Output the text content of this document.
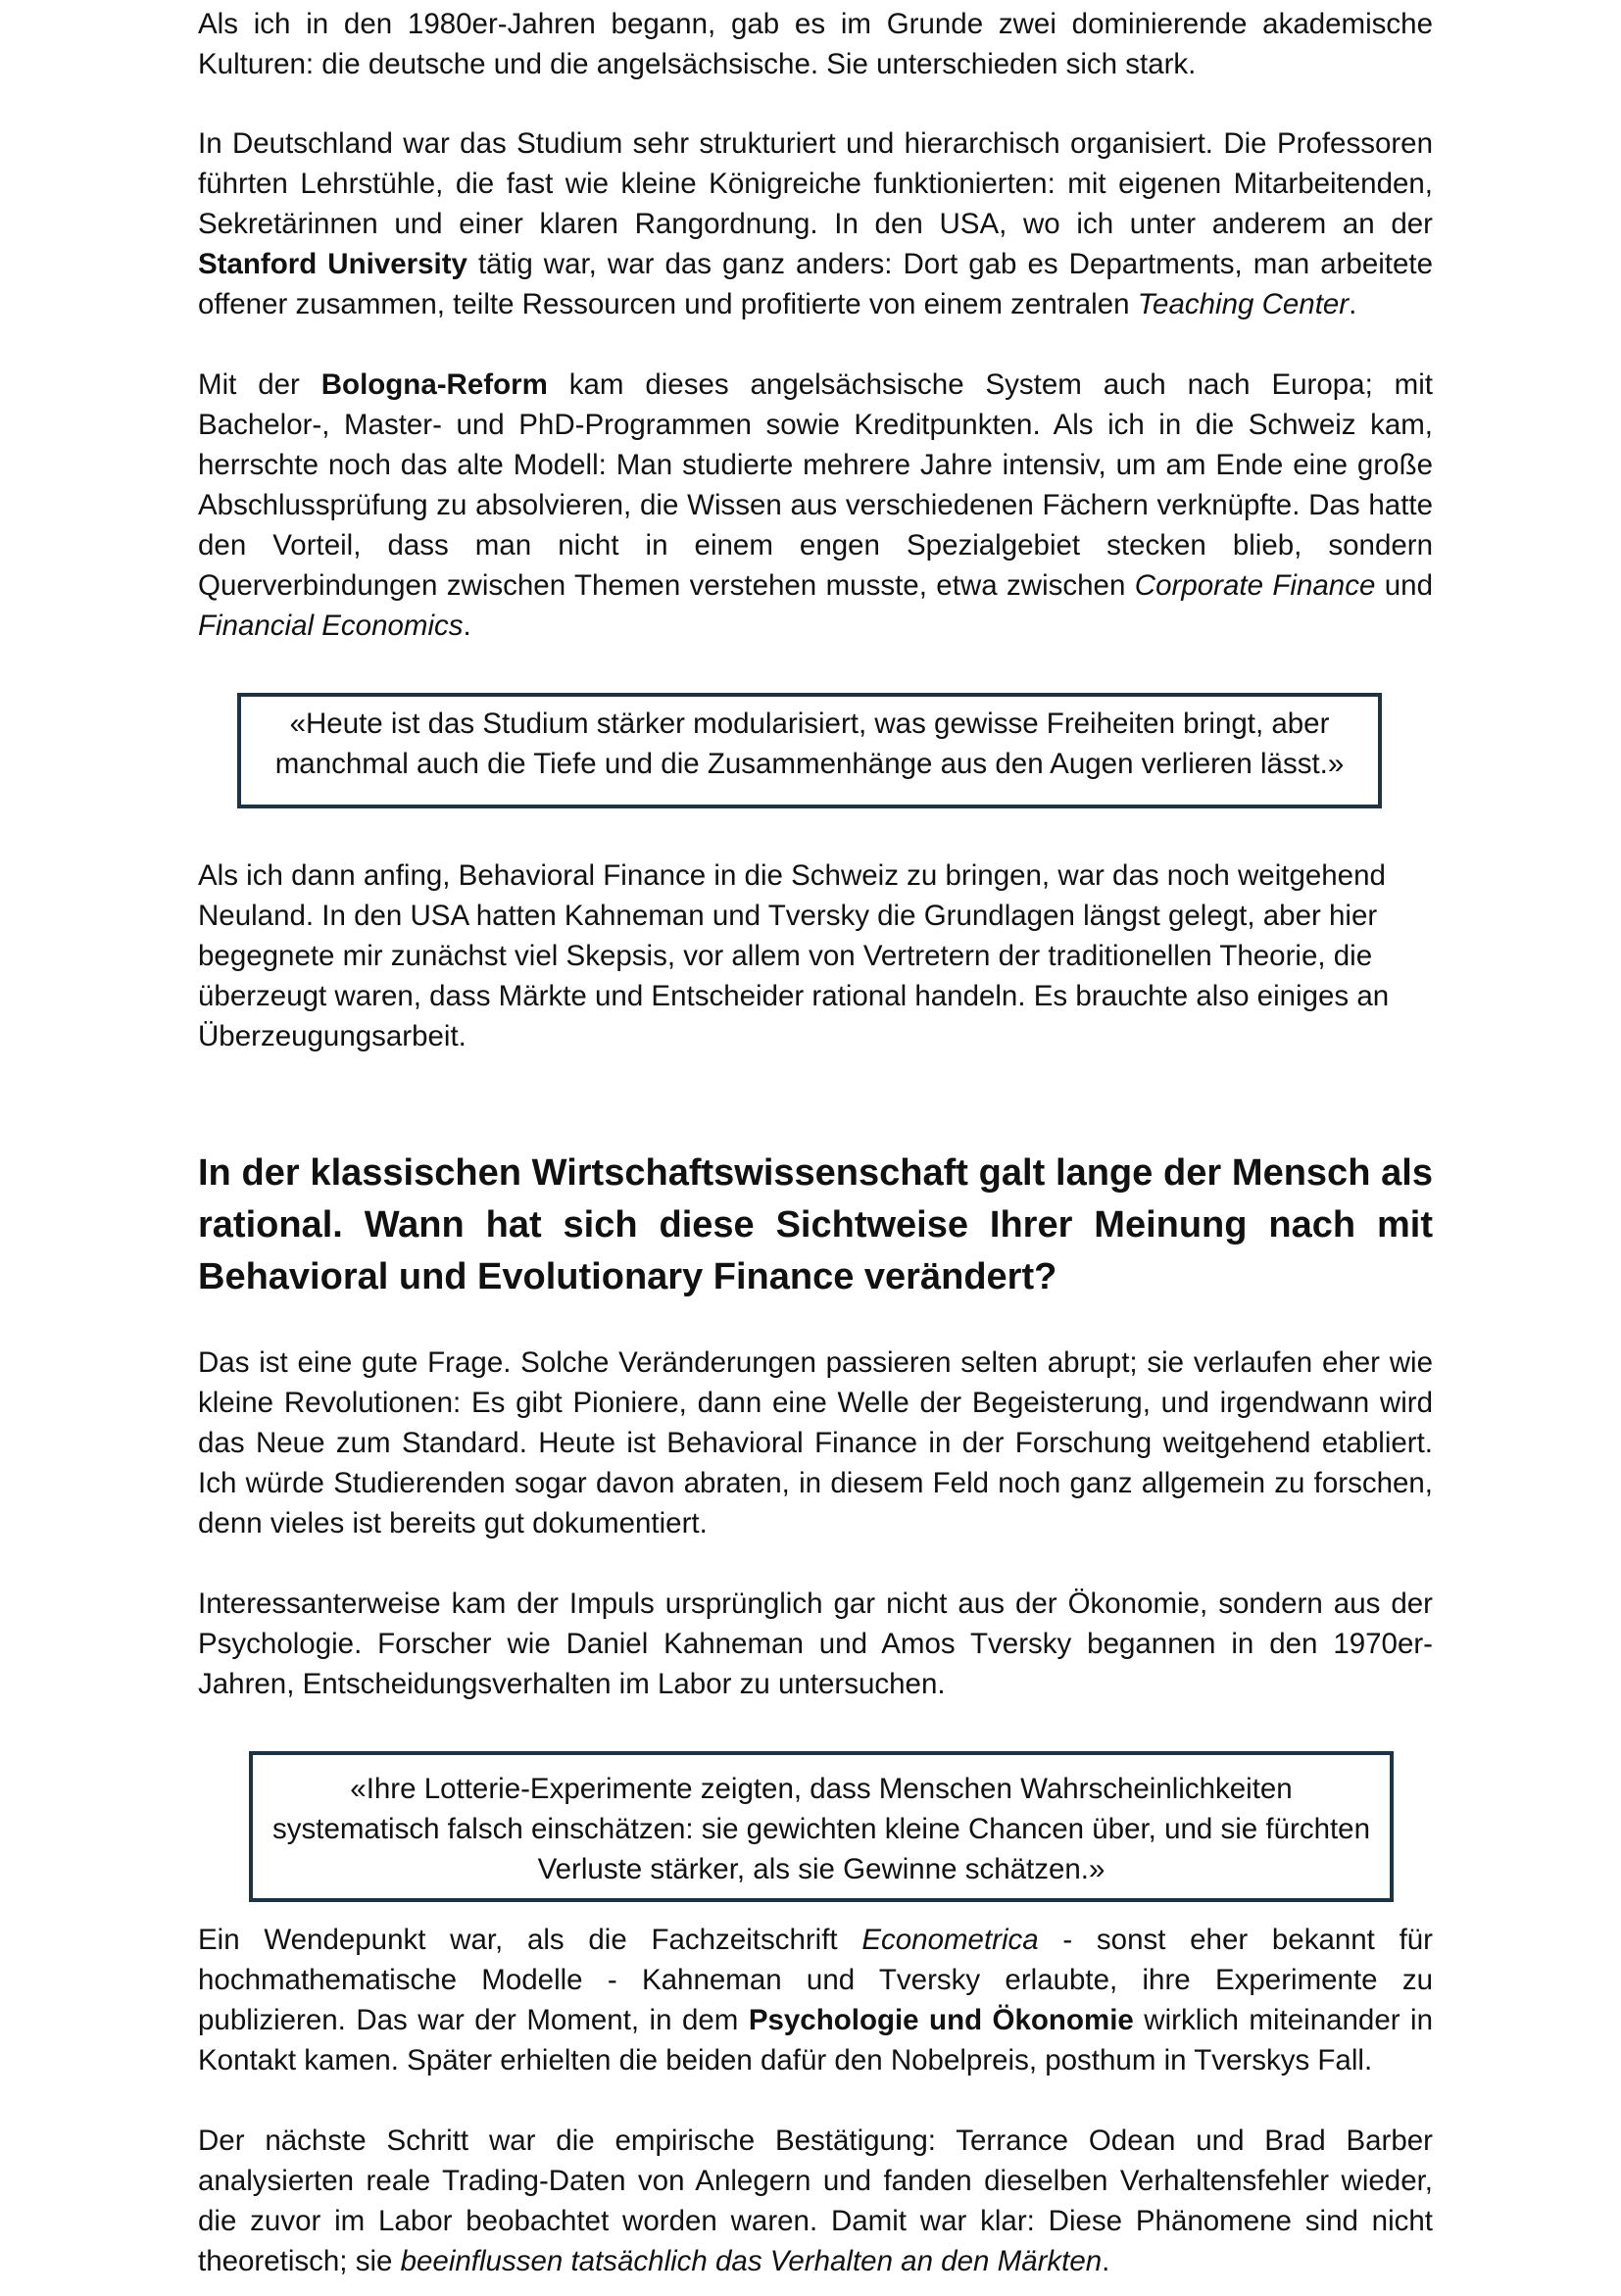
Als ich in den 1980er-Jahren begann, gab es im Grunde zwei dominierende akademische Kulturen: die deutsche und die angelsächsische. Sie unterschieden sich stark.

In Deutschland war das Studium sehr strukturiert und hierarchisch organisiert. Die Professoren führten Lehrstühle, die fast wie kleine Königreiche funktionierten: mit eigenen Mitarbeitenden, Sekretärinnen und einer klaren Rangordnung. In den USA, wo ich unter anderem an der Stanford University tätig war, war das ganz anders: Dort gab es Departments, man arbeitete offener zusammen, teilte Ressourcen und profitierte von einem zentralen Teaching Center.

Mit der Bologna-Reform kam dieses angelsächsische System auch nach Europa; mit Bachelor-, Master- und PhD-Programmen sowie Kreditpunkten. Als ich in die Schweiz kam, herrschte noch das alte Modell: Man studierte mehrere Jahre intensiv, um am Ende eine große Abschlussprüfung zu absolvieren, die Wissen aus verschiedenen Fächern verknüpfte. Das hatte den Vorteil, dass man nicht in einem engen Spezialgebiet stecken blieb, sondern Querverbindungen zwischen Themen verstehen musste, etwa zwischen Corporate Finance und Financial Economics.

«Heute ist das Studium stärker modularisiert, was gewisse Freiheiten bringt, aber manchmal auch die Tiefe und die Zusammenhänge aus den Augen verlieren lässt.»

Als ich dann anfing, Behavioral Finance in die Schweiz zu bringen, war das noch weitgehend Neuland. In den USA hatten Kahneman und Tversky die Grundlagen längst gelegt, aber hier begegnete mir zunächst viel Skepsis, vor allem von Vertretern der traditionellen Theorie, die überzeugt waren, dass Märkte und Entscheider rational handeln. Es brauchte also einiges an Überzeugungsarbeit.

In der klassischen Wirtschaftswissenschaft galt lange der Mensch als rational. Wann hat sich diese Sichtweise Ihrer Meinung nach mit Behavioral und Evolutionary Finance verändert?

Das ist eine gute Frage. Solche Veränderungen passieren selten abrupt; sie verlaufen eher wie kleine Revolutionen: Es gibt Pioniere, dann eine Welle der Begeisterung, und irgendwann wird das Neue zum Standard. Heute ist Behavioral Finance in der Forschung weitgehend etabliert. Ich würde Studierenden sogar davon abraten, in diesem Feld noch ganz allgemein zu forschen, denn vieles ist bereits gut dokumentiert.

Interessanterweise kam der Impuls ursprünglich gar nicht aus der Ökonomie, sondern aus der Psychologie. Forscher wie Daniel Kahneman und Amos Tversky begannen in den 1970er-Jahren, Entscheidungsverhalten im Labor zu untersuchen.

«Ihre Lotterie-Experimente zeigten, dass Menschen Wahrscheinlichkeiten systematisch falsch einschätzen: sie gewichten kleine Chancen über, und sie fürchten Verluste stärker, als sie Gewinne schätzen.»

Ein Wendepunkt war, als die Fachzeitschrift Econometrica - sonst eher bekannt für hochmathematische Modelle - Kahneman und Tversky erlaubte, ihre Experimente zu publizieren. Das war der Moment, in dem Psychologie und Ökonomie wirklich miteinander in Kontakt kamen. Später erhielten die beiden dafür den Nobelpreis, posthum in Tverskys Fall.

Der nächste Schritt war die empirische Bestätigung: Terrance Odean und Brad Barber analysierten reale Trading-Daten von Anlegern und fanden dieselben Verhaltensfehler wieder, die zuvor im Labor beobachtet worden waren. Damit war klar: Diese Phänomene sind nicht theoretisch; sie beeinflussen tatsächlich das Verhalten an den Märkten.
